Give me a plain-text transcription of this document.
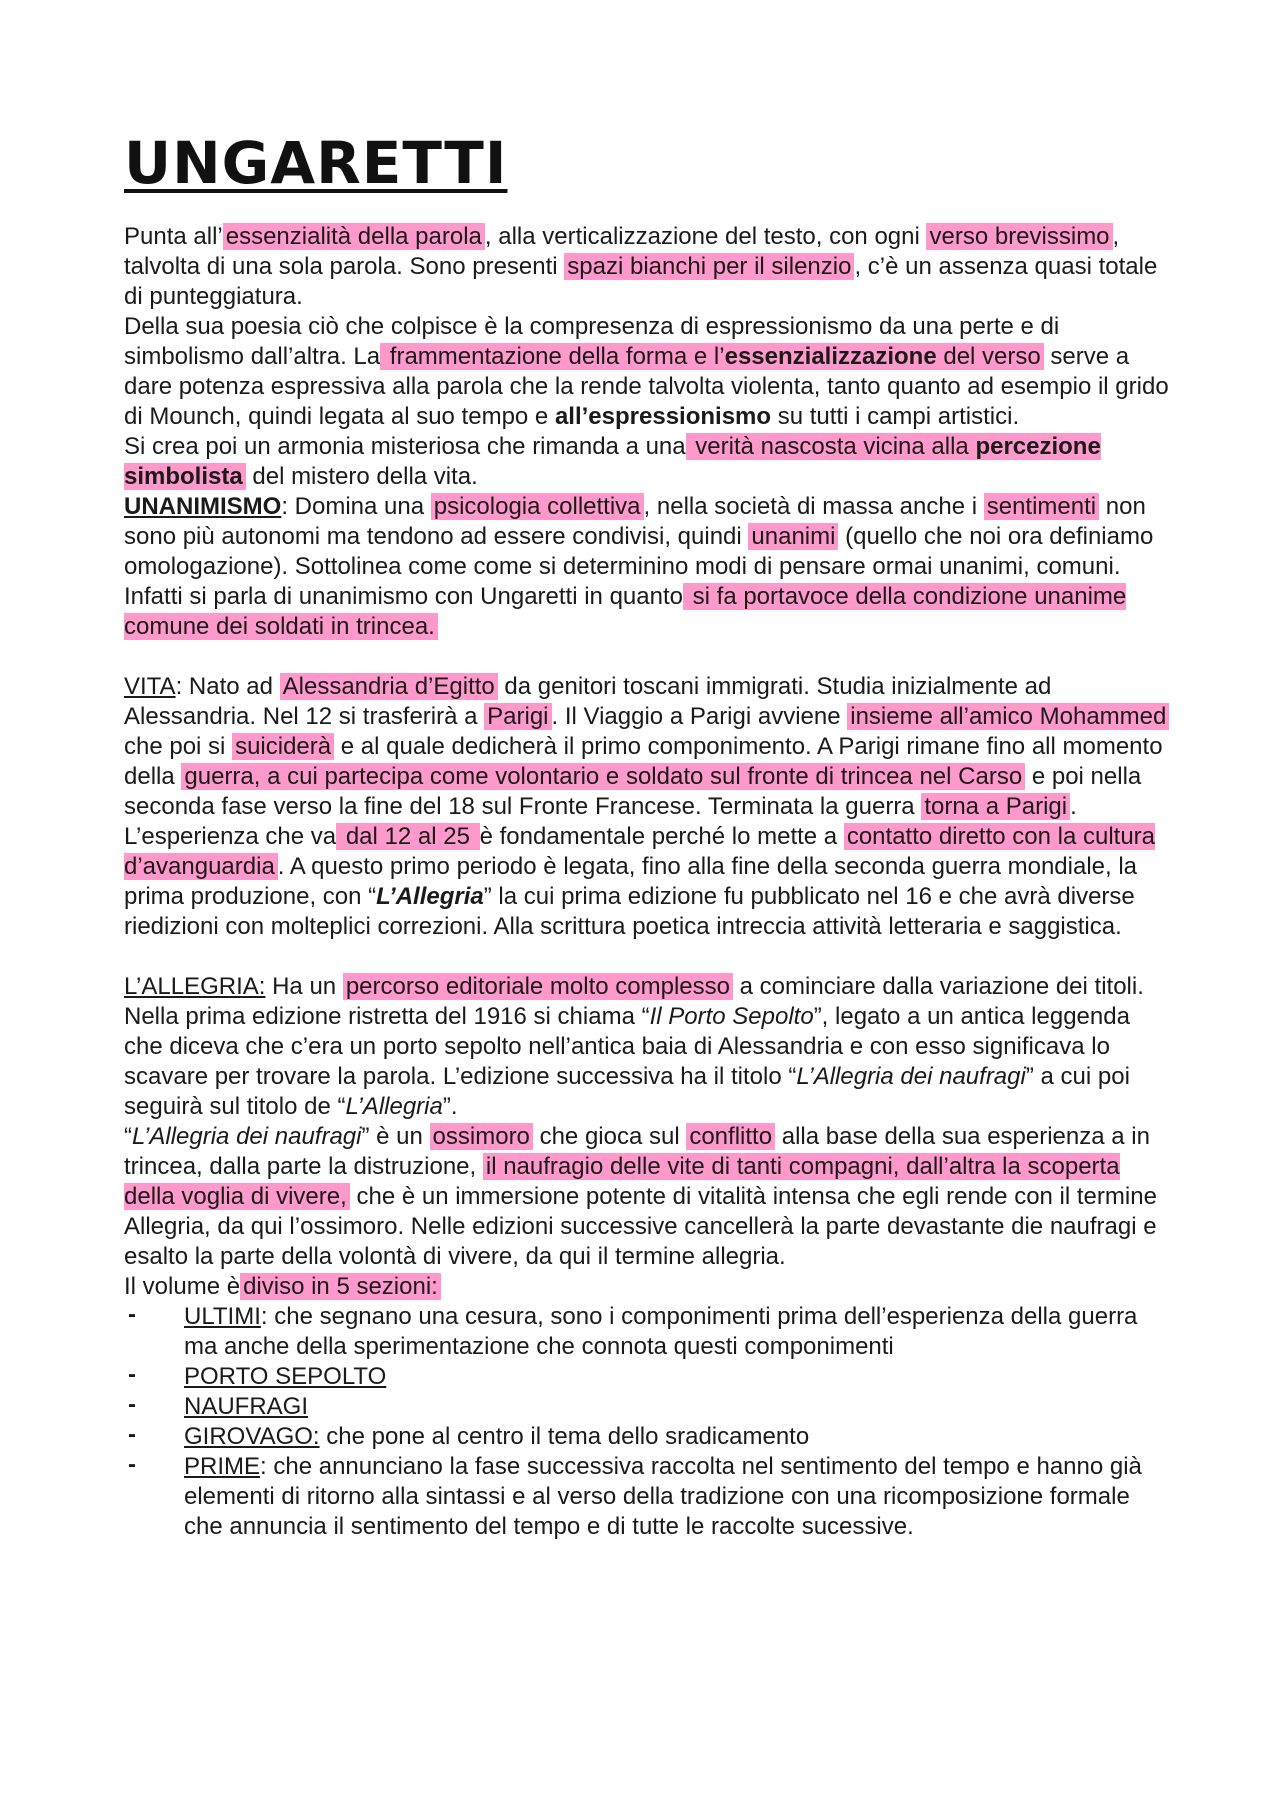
UNGARETTI

Punta all’ essenzialità della parola , alla verticalizzazione del testo, con ogni verso brevissimo , talvolta di una sola parola. Sono presenti spazi bianchi per il silenzio , c’è un assenza quasi totale di punteggiatura.

Della sua poesia ciò che colpisce è la compresenza di espressionismo da una perte e di simbolismo dall’altra. La frammentazione della forma e l’essenzializzazione del verso serve a dare potenza espressiva alla parola che la rende talvolta violenta, tanto quanto ad esempio il grido di Mounch, quindi legata al suo tempo e all’espressionismo su tutti i campi artistici.

Si crea poi un armonia misteriosa che rimanda a una verità nascosta vicina alla percezione simbolista del mistero della vita.

UNANIMISMO: Domina una psicologia collettiva , nella società di massa anche i sentimenti non sono più autonomi ma tendono ad essere condivisi, quindi unanimi (quello che noi ora definiamo omologazione). Sottolinea come come si determinino modi di pensare ormai unanimi, comuni. Infatti si parla di unanimismo con Ungaretti in quanto si fa portavoce della condizione unanime comune dei soldati in trincea.

VITA: Nato ad Alessandria d’Egitto da genitori toscani immigrati. Studia inizialmente ad Alessandria. Nel 12 si trasferirà a Parigi . Il Viaggio a Parigi avviene insieme all’amico Mohammed che poi si suiciderà e al quale dedicherà il primo componimento. A Parigi rimane fino all momento della guerra, a cui partecipa come volontario e soldato sul fronte di trincea nel Carso e poi nella seconda fase verso la fine del 18 sul Fronte Francese. Terminata la guerra torna a Parigi . L’esperienza che va dal 12 al 25 è fondamentale perché lo mette a contatto diretto con la cultura d’avanguardia . A questo primo periodo è legata, fino alla fine della seconda guerra mondiale, la prima produzione, con “L’Allegria” la cui prima edizione fu pubblicato nel 16 e che avrà diverse riedizioni con molteplici correzioni. Alla scrittura poetica intreccia attività letteraria e saggistica.

L’ALLEGRIA: Ha un percorso editoriale molto complesso a cominciare dalla variazione dei titoli. Nella prima edizione ristretta del 1916 si chiama “Il Porto Sepolto”, legato a un antica leggenda che diceva che c’era un porto sepolto nell’antica baia di Alessandria e con esso significava lo scavare per trovare la parola. L’edizione successiva ha il titolo “L’Allegria dei naufragi” a cui poi seguirà sul titolo de “L’Allegria”.

“L’Allegria dei naufragi” è un ossimoro che gioca sul conflitto alla base della sua esperienza a in trincea, dalla parte la distruzione, il naufragio delle vite di tanti compagni, dall’altra la scoperta della voglia di vivere, che è un immersione potente di vitalità intensa che egli rende con il termine Allegria, da qui l’ossimoro. Nelle edizioni successive cancellerà la parte devastante die naufragi e esalto la parte della volontà di vivere, da qui il termine allegria.

Il volume è diviso in 5 sezioni:

- ULTIMI: che segnano una cesura, sono i componimenti prima dell’esperienza della guerra ma anche della sperimentazione che connota questi componimenti
- PORTO SEPOLTO
- NAUFRAGI
- GIROVAGO: che pone al centro il tema dello sradicamento
- PRIME: che annunciano la fase successiva raccolta nel sentimento del tempo e hanno già elementi di ritorno alla sintassi e al verso della tradizione con una ricomposizione formale che annuncia il sentimento del tempo e di tutte le raccolte sucessive.
